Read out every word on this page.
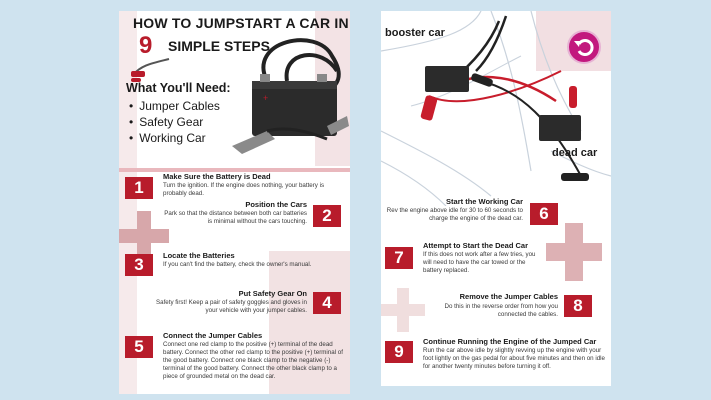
HOW TO JUMPSTART A CAR IN
9 SIMPLE STEPS
+
What You'll Need:
• Jumper Cables
• Safety Gear
• Working Car
1
Make Sure the Battery is Dead
Turn the ignition. If the engine does nothing, your battery is probably dead.
2
Position the Cars
Park so that the distance between both car batteries is minimal without the cars touching.
3	Locate the Batteries
If you can't find the battery, check the owner's manual.
4
Put Safety Gear On
Safety first! Keep a pair of safety goggles and gloves in your vehicle with your jumper cables.
5
Connect the Jumper Cables
Connect one red clamp to the positive (+) terminal of the dead battery. Connect the other red clamp to the positive (+) terminal of the good battery. Connect one black clamp to the negative (-) terminal of the good battery. Connect the other black clamp to a piece of grounded metal on the dead car.
booster car
dead car
6
Start the Working Car
Rev the engine above idle for 30 to 60 seconds to charge the engine of the dead car.
7
Attempt to Start the Dead Car
If this does not work after a few tries, you will need to have the car towed or the battery replaced.
8
Remove the Jumper Cables
Do this in the reverse order from how you connected the cables.
9
Continue Running the Engine of the Jumped Car
Run the car above idle by slightly revving up the engine with your foot lightly on the gas pedal for about five minutes and then on idle for another twenty minutes before turning it off.
